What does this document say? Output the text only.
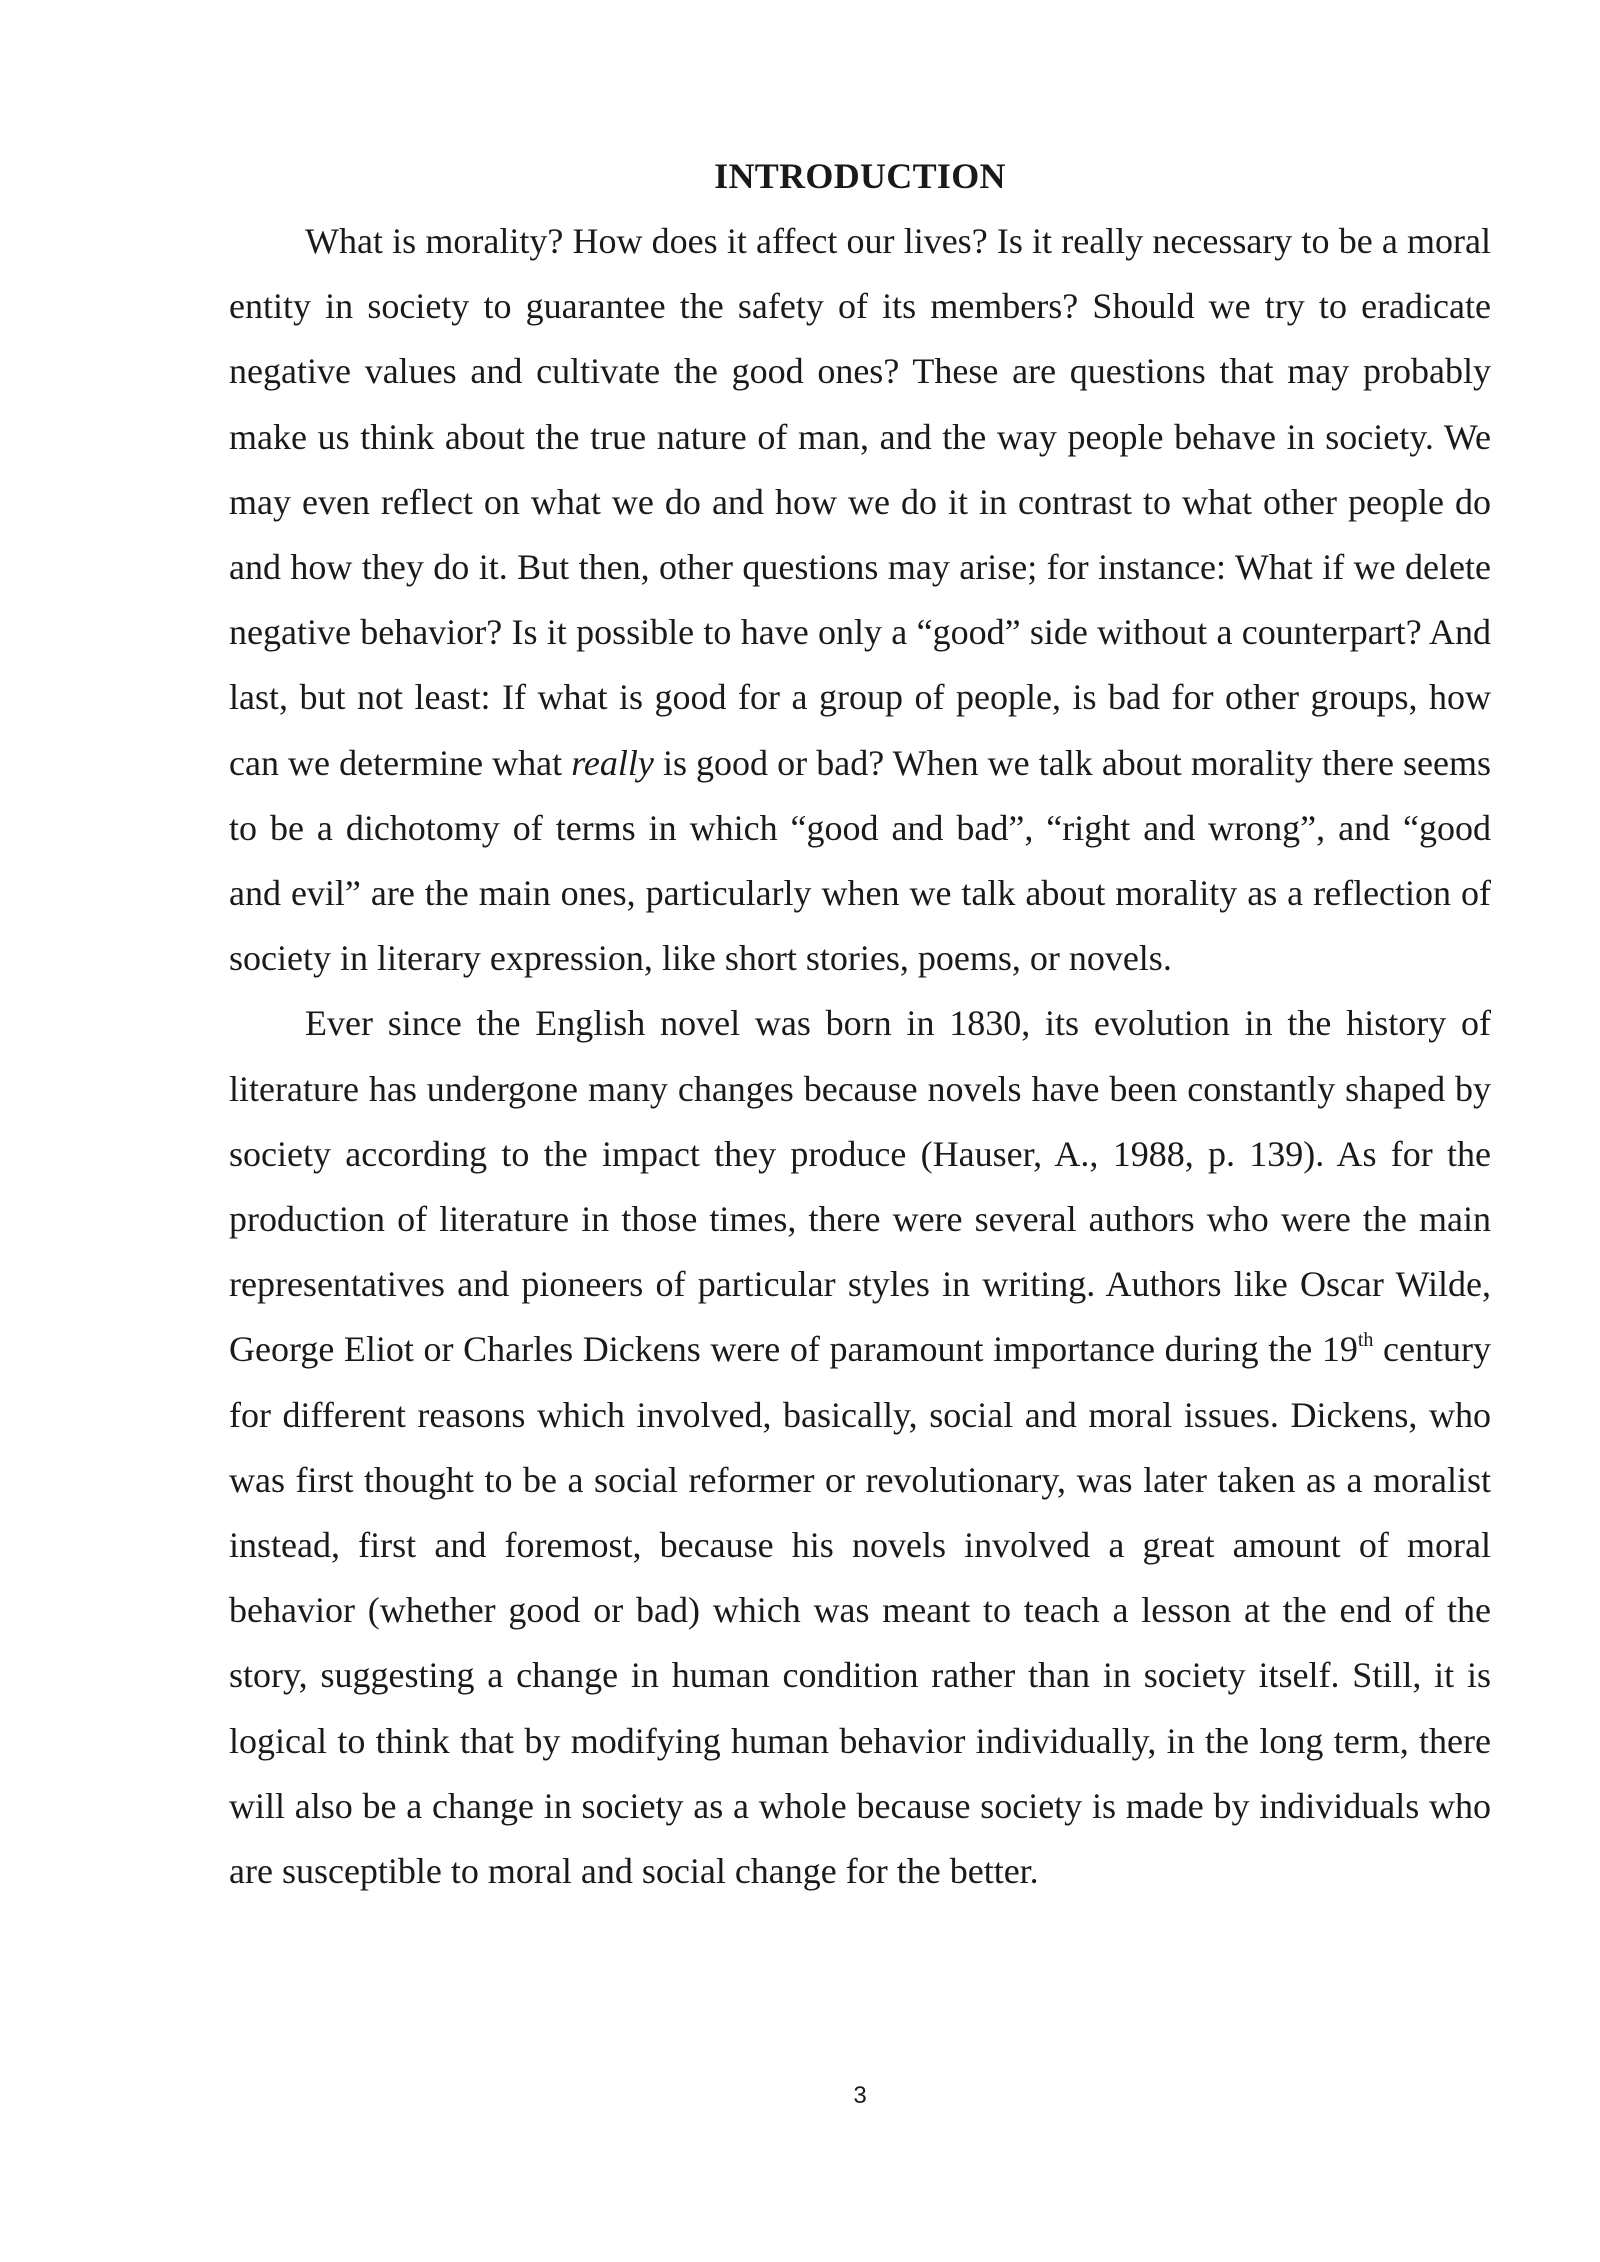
INTRODUCTION

What is morality? How does it affect our lives? Is it really necessary to be a moral entity in society to guarantee the safety of its members? Should we try to eradicate negative values and cultivate the good ones? These are questions that may probably make us think about the true nature of man, and the way people behave in society. We may even reflect on what we do and how we do it in contrast to what other people do and how they do it. But then, other questions may arise; for instance: What if we delete negative behavior? Is it possible to have only a “good” side without a counterpart? And last, but not least: If what is good for a group of people, is bad for other groups, how can we determine what really is good or bad? When we talk about morality there seems to be a dichotomy of terms in which “good and bad”, “right and wrong”, and “good and evil” are the main ones, particularly when we talk about morality as a reflection of society in literary expression, like short stories, poems, or novels.

Ever since the English novel was born in 1830, its evolution in the history of literature has undergone many changes because novels have been constantly shaped by society according to the impact they produce (Hauser, A., 1988, p. 139). As for the production of literature in those times, there were several authors who were the main representatives and pioneers of particular styles in writing. Authors like Oscar Wilde, George Eliot or Charles Dickens were of paramount importance during the 19th century for different reasons which involved, basically, social and moral issues. Dickens, who was first thought to be a social reformer or revolutionary, was later taken as a moralist instead, first and foremost, because his novels involved a great amount of moral behavior (whether good or bad) which was meant to teach a lesson at the end of the story, suggesting a change in human condition rather than in society itself. Still, it is logical to think that by modifying human behavior individually, in the long term, there will also be a change in society as a whole because society is made by individuals who are susceptible to moral and social change for the better.

3
